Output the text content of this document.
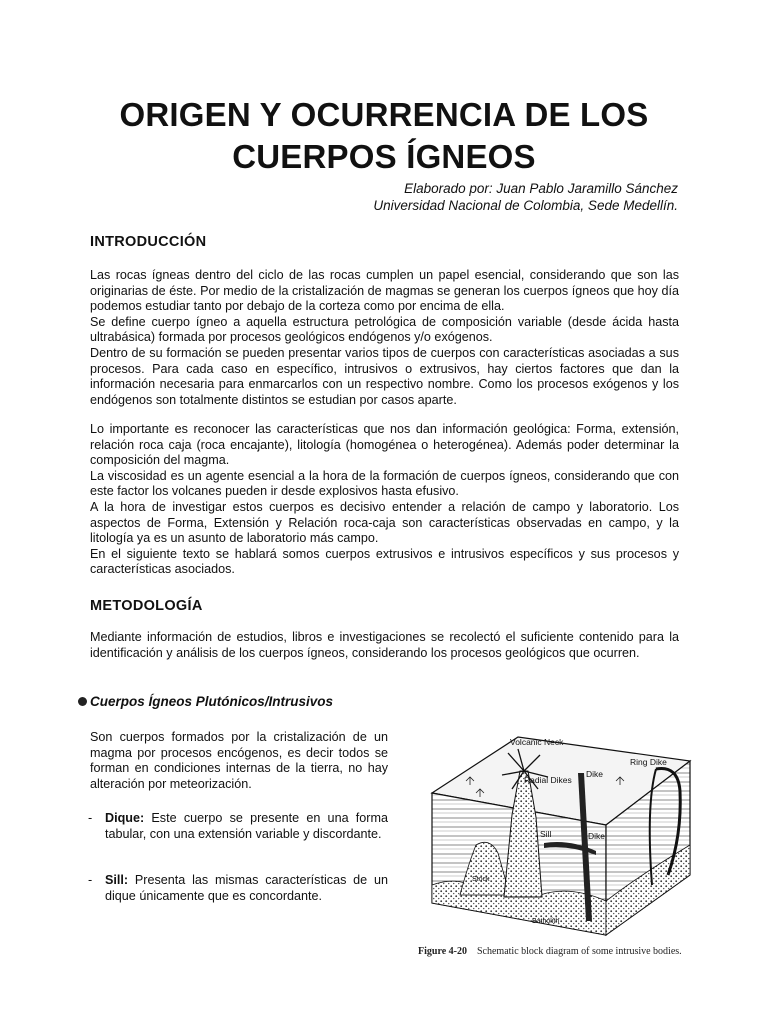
ORIGEN Y OCURRENCIA DE LOS
CUERPOS ÍGNEOS
Elaborado por: Juan Pablo Jaramillo Sánchez
Universidad Nacional de Colombia, Sede Medellín.
INTRODUCCIÓN

Las rocas ígneas dentro del ciclo de las rocas cumplen un papel esencial, considerando que son las originarias de éste. Por medio de la cristalización de magmas se generan los cuerpos ígneos que hoy día podemos estudiar tanto por debajo de la corteza como por encima de ella.

Se define cuerpo ígneo a aquella estructura petrológica de composición variable (desde ácida hasta ultrabásica) formada por procesos geológicos endógenos y/o exógenos.

Dentro de su formación se pueden presentar varios tipos de cuerpos con características asociadas a sus procesos. Para cada caso en específico, intrusivos o extrusivos, hay ciertos factores que dan la información necesaria para enmarcarlos con un respectivo nombre. Como los procesos exógenos y los endógenos son totalmente distintos se estudian por casos aparte.

Lo importante es reconocer las características que nos dan información geológica: Forma, extensión, relación roca caja (roca encajante), litología (homogénea o heterogénea). Además poder determinar la composición del magma.

La viscosidad es un agente esencial a la hora de la formación de cuerpos ígneos, considerando que con este factor los volcanes pueden ir desde explosivos hasta efusivo.

A la hora de investigar estos cuerpos es decisivo entender a relación de campo y laboratorio. Los aspectos de Forma, Extensión y Relación roca-caja son características observadas en campo, y la litología ya es un asunto de laboratorio más campo.

En el siguiente texto se hablará somos cuerpos extrusivos e intrusivos específicos y sus procesos y características asociados.

METODOLOGÍA

Mediante información de estudios, libros e investigaciones se recolectó el suficiente contenido para la identificación y análisis de los cuerpos ígneos, considerando los procesos geológicos que ocurren.

Cuerpos Ígneos Plutónicos/Intrusivos

Son cuerpos formados por la cristalización de un magma por procesos encógenos, es decir todos se forman en condiciones internas de la tierra, no hay alteración por meteorización.

-	Dique: Este cuerpo se presente en una forma tabular, con una extensión variable y discordante.
-	Sill: Presenta las mismas características de un dique únicamente que es concordante.
Volcanic Neck
Ring Dike
Radial Dikes
Dike
Sill	Dike
Stock
Batholith
Figure 4-20 Schematic block diagram of some intrusive bodies.
